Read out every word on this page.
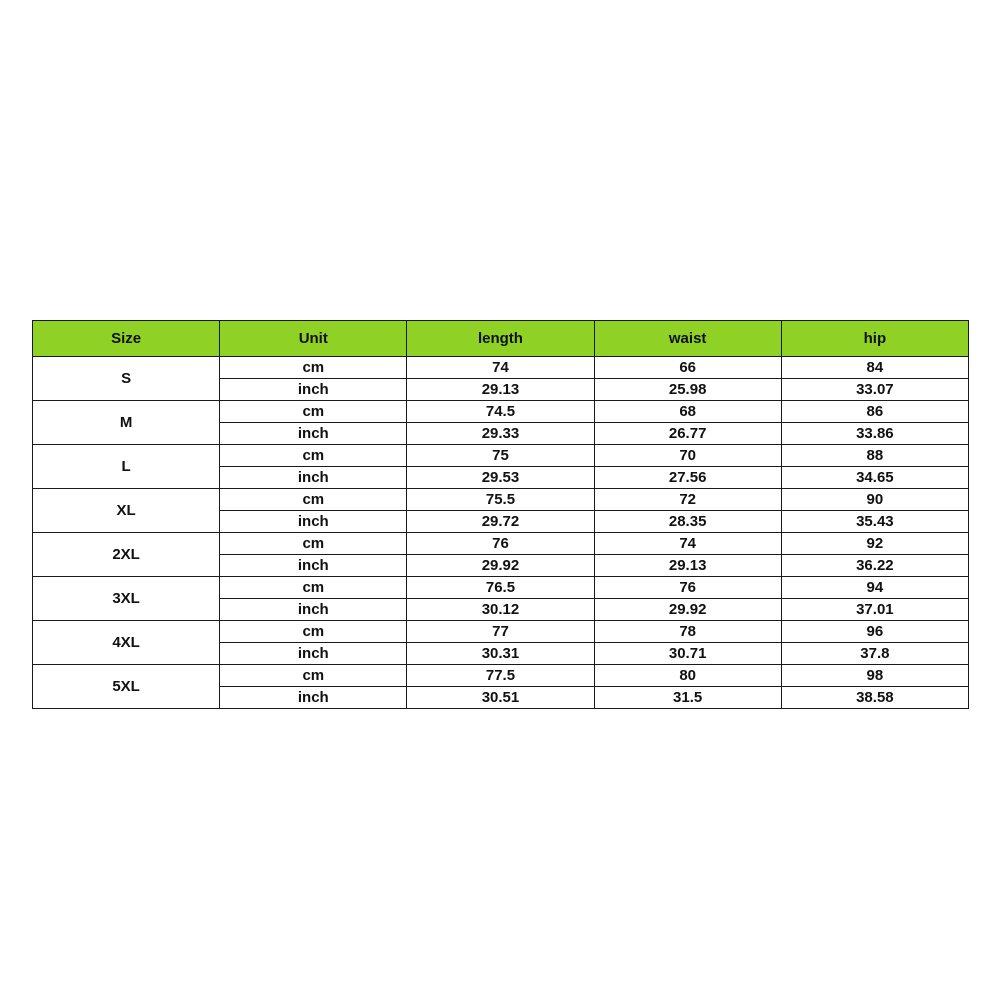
Size	Unit	length	waist	hip
S	cm	74	66	84
	inch	29.13	25.98	33.07
M	cm	74.5	68	86
	inch	29.33	26.77	33.86
L	cm	75	70	88
	inch	29.53	27.56	34.65
XL	cm	75.5	72	90
	inch	29.72	28.35	35.43
2XL	cm	76	74	92
	inch	29.92	29.13	36.22
3XL	cm	76.5	76	94
	inch	30.12	29.92	37.01
4XL	cm	77	78	96
	inch	30.31	30.71	37.8
5XL	cm	77.5	80	98
	inch	30.51	31.5	38.58
